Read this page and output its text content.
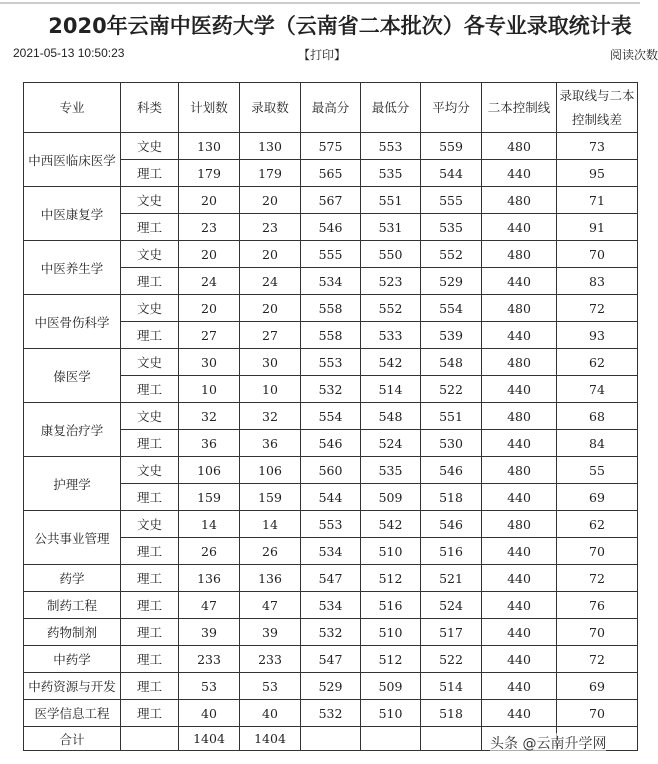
2020年云南中医药大学（云南省二本批次）各专业录取统计表
2021-05-13 10:50:23	【打印】	阅读次数
专业	科类	计划数	录取数	最高分	最低分	平均分	二本控制线	录取线与二本控制线差
中西医临床医学	文史	130	130	575	553	559	480	73
	理工	179	179	565	535	544	440	95
中医康复学	文史	20	20	567	551	555	480	71
	理工	23	23	546	531	535	440	91
中医养生学	文史	20	20	555	550	552	480	70
	理工	24	24	534	523	529	440	83
中医骨伤科学	文史	20	20	558	552	554	480	72
	理工	27	27	558	533	539	440	93
傣医学	文史	30	30	553	542	548	480	62
	理工	10	10	532	514	522	440	74
康复治疗学	文史	32	32	554	548	551	480	68
	理工	36	36	546	524	530	440	84
护理学	文史	106	106	560	535	546	480	55
	理工	159	159	544	509	518	440	69
公共事业管理	文史	14	14	553	542	546	480	62
	理工	26	26	534	510	516	440	70
药学	理工	136	136	547	512	521	440	72
制药工程	理工	47	47	534	516	524	440	76
药物制剂	理工	39	39	532	510	517	440	70
中药学	理工	233	233	547	512	522	440	72
中药资源与开发	理工	53	53	529	509	514	440	69
医学信息工程	理工	40	40	532	510	518	440	70
合计		1404	1404						头条 @云南升学网
